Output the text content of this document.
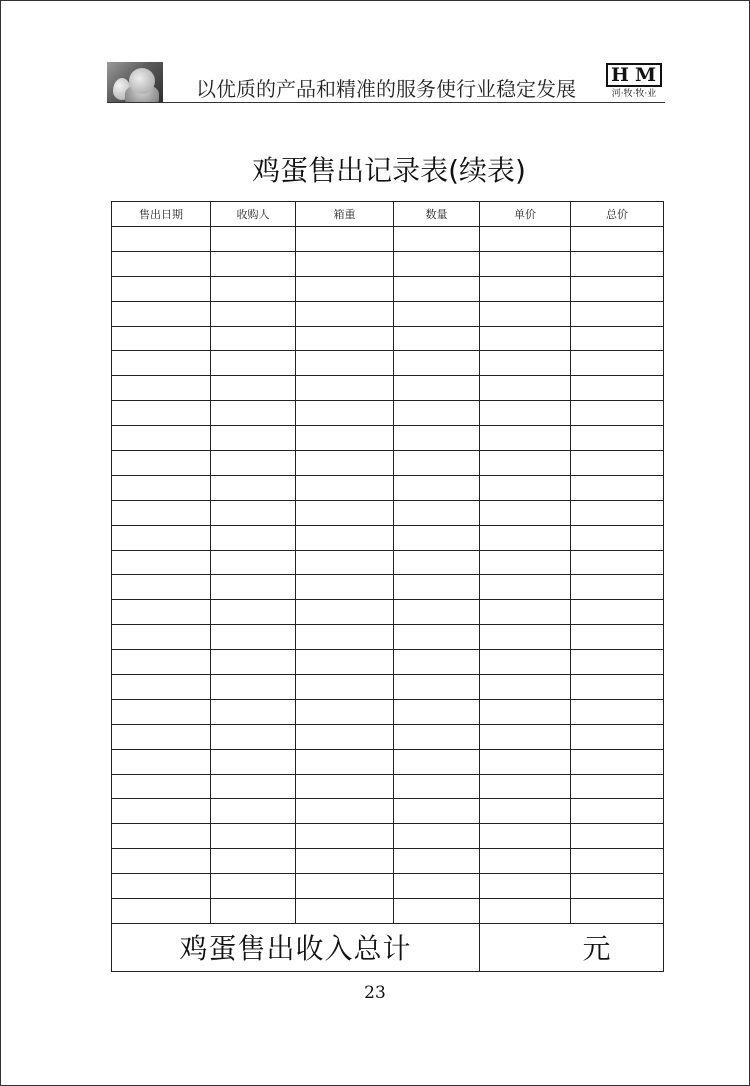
以优质的产品和精准的服务使行业稳定发展
HM
河·牧·牧·业
鸡蛋售出记录表(续表)
售出日期	收购人	箱重	数量	单价	总价

鸡蛋售出收入总计				元	
23
